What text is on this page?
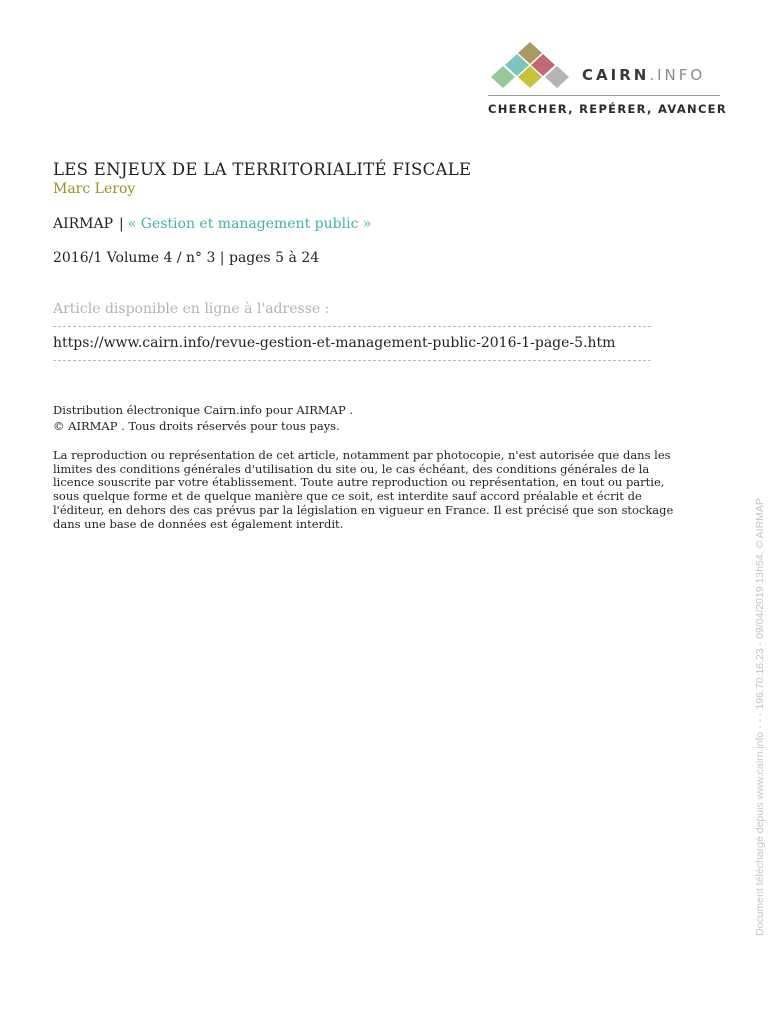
CAIRN.INFO
CHERCHER, REPÉRER, AVANCER
LES ENJEUX DE LA TERRITORIALITÉ FISCALE
Marc Leroy
AIRMAP | « Gestion et management public »
2016/1 Volume 4 / n° 3 | pages 5 à 24
Article disponible en ligne à l'adresse :
https://www.cairn.info/revue-gestion-et-management-public-2016-1-page-5.htm
Distribution électronique Cairn.info pour AIRMAP .
© AIRMAP . Tous droits réservés pour tous pays.

La reproduction ou représentation de cet article, notamment par photocopie, n'est autorisée que dans les
limites des conditions générales d'utilisation du site ou, le cas échéant, des conditions générales de la
licence souscrite par votre établissement. Toute autre reproduction ou représentation, en tout ou partie,
sous quelque forme et de quelque manière que ce soit, est interdite sauf accord préalable et écrit de
l'éditeur, en dehors des cas prévus par la législation en vigueur en France. Il est précisé que son stockage
dans une base de données est également interdit.	Document téléchargé depuis www.cairn.info - - - 196.70.16.23 - 09/04/2019 13h54. © AIRMAP
